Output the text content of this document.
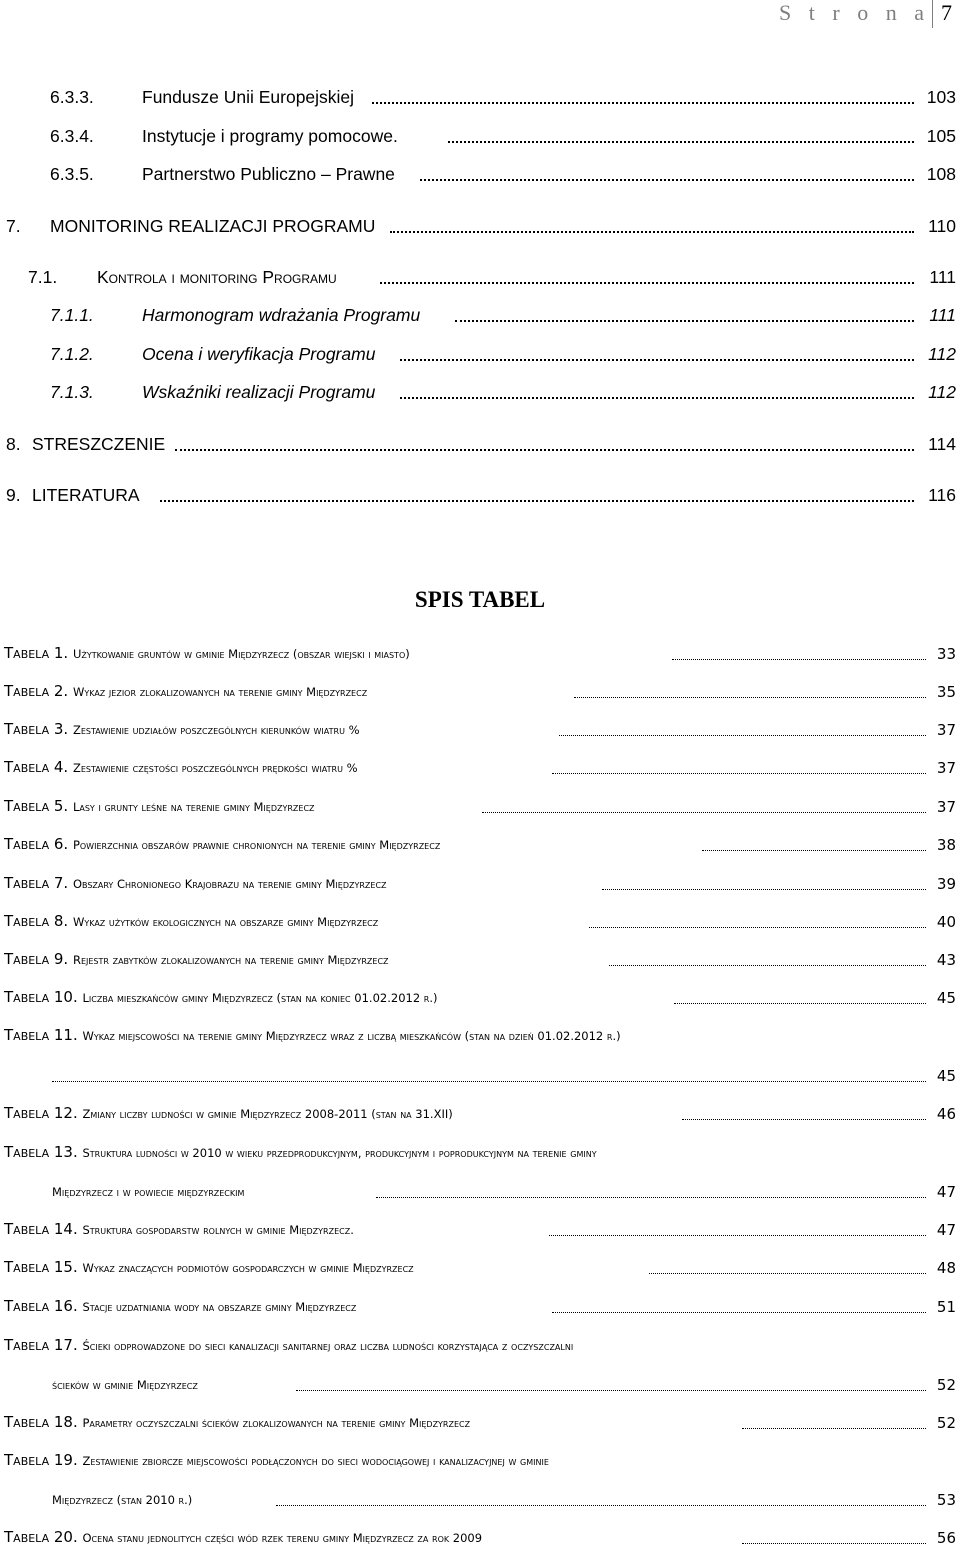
S t r o n a 7
6.3.3.	Fundusze Unii Europejskiej	103
6.3.4.	Instytucje i programy pomocowe.	105
6.3.5.	Partnerstwo Publiczno – Prawne	108
7. MONITORING REALIZACJI PROGRAMU	110
7.1. Kontrola i monitoring Programu	111
7.1.1.	Harmonogram wdrażania Programu	111
7.1.2.	Ocena i weryfikacja Programu	112
7.1.3.	Wskaźniki realizacji Programu	112
8. STRESZCZENIE	114
9. LITERATURA	116
SPIS TABEL
Tabela 1. Użytkowanie gruntów w gminie Międzyrzecz (obszar wiejski i miasto)	33
Tabela 2. Wykaz jezior zlokalizowanych na terenie gminy Międzyrzecz	35
Tabela 3. Zestawienie udziałów poszczególnych kierunków wiatru %	37
Tabela 4. Zestawienie częstości poszczególnych prędkości wiatru %	37
Tabela 5. Lasy i grunty leśne na terenie gminy Międzyrzecz	37
Tabela 6. Powierzchnia obszarów prawnie chronionych na terenie gminy Międzyrzecz	38
Tabela 7. Obszary Chronionego Krajobrazu na terenie gminy Międzyrzecz	39
Tabela 8. Wykaz użytków ekologicznych na obszarze gminy Międzyrzecz	40
Tabela 9. Rejestr zabytków zlokalizowanych na terenie gminy Międzyrzecz	43
Tabela 10. Liczba mieszkańców gminy Międzyrzecz (stan na koniec 01.02.2012 r.)	45
Tabela 11. Wykaz miejscowości na terenie gminy Międzyrzecz wraz z liczbą mieszkańców (stan na dzień 01.02.2012 r.)
45
Tabela 12. Zmiany liczby ludności w gminie Międzyrzecz 2008-2011 (stan na 31.XII)	46
Tabela 13. Struktura ludności w 2010 w wieku przedprodukcyjnym, produkcyjnym i poprodukcyjnym na terenie gminy
Międzyrzecz i w powiecie międzyrzeckim	47
Tabela 14. Struktura gospodarstw rolnych w gminie Międzyrzecz.	47
Tabela 15. Wykaz znaczących podmiotów gospodarczych w gminie Międzyrzecz	48
Tabela 16. Stacje uzdatniania wody na obszarze gminy Międzyrzecz	51
Tabela 17. Ścieki odprowadzone do sieci kanalizacji sanitarnej oraz liczba ludności korzystająca z oczyszczalni
ścieków w gminie Międzyrzecz	52
Tabela 18. Parametry oczyszczalni ścieków zlokalizowanych na terenie gminy Międzyrzecz	52
Tabela 19. Zestawienie zbiorcze miejscowości podłączonych do sieci wodociągowej i kanalizacyjnej w gminie
Międzyrzecz (stan 2010 r.)	53
Tabela 20. Ocena stanu jednolitych części wód rzek terenu gminy Międzyrzecz za rok 2009	56
